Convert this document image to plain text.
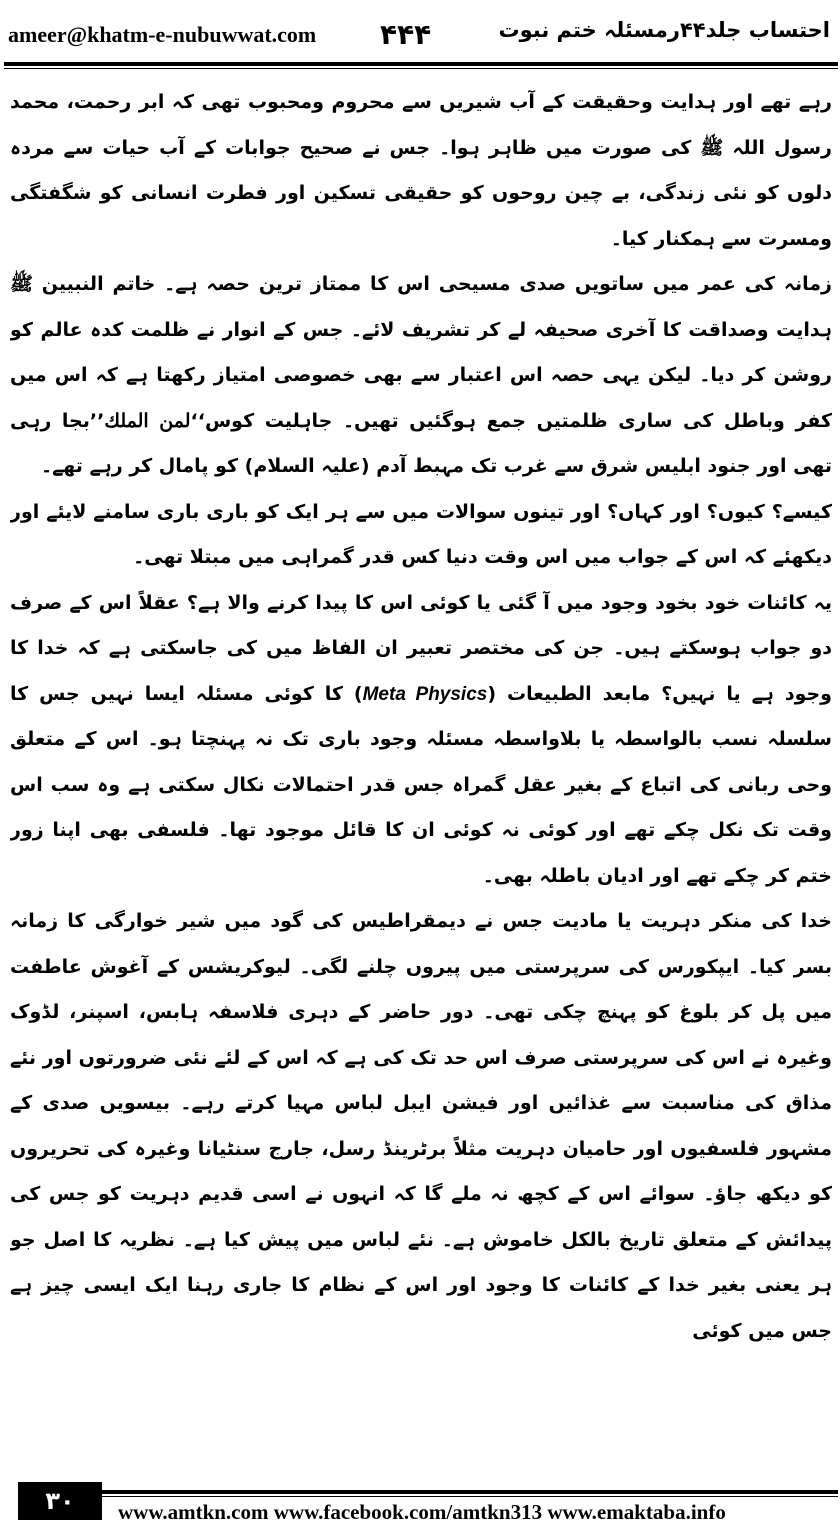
ameer@khatm-e-nubuwwat.com ۴۴۴	احتساب جلد۴۴رمسئلہ ختم نبوت

رہے تھے اور ہدایت وحقیقت کے آب شیریں سے محروم ومحبوب تھی کہ ابر رحمت، محمد رسول اللہ ﷺ کی صورت میں ظاہر ہوا۔ جس نے صحیح جوابات کے آب حیات سے مردہ دلوں کو نئی زندگی، بے چین روحوں کو حقیقی تسکین اور فطرت انسانی کو شگفتگی ومسرت سے ہمکنار کیا۔

زمانہ کی عمر میں ساتویں صدی مسیحی اس کا ممتاز ترین حصہ ہے۔ خاتم النبیین ﷺ ہدایت وصداقت کا آخری صحیفہ لے کر تشریف لائے۔ جس کے انوار نے ظلمت کدہ عالم کو روشن کر دیا۔ لیکن یہی حصہ اس اعتبار سے بھی خصوصی امتیاز رکھتا ہے کہ اس میں کفر وباطل کی ساری ظلمتیں جمع ہوگئیں تھیں۔ جاہلیت کوس‘‘لمن الملك’’بجا رہی تھی اور جنود ابلیس شرق سے غرب تک مہبط آدم (علیہ السلام) کو پامال کر رہے تھے۔

کیسے؟ کیوں؟ اور کہاں؟ اور تینوں سوالات میں سے ہر ایک کو باری باری سامنے لایئے اور دیکھئے کہ اس کے جواب میں اس وقت دنیا کس قدر گمراہی میں مبتلا تھی۔

یہ کائنات خود بخود وجود میں آ گئی یا کوئی اس کا پیدا کرنے والا ہے؟ عقلاً اس کے صرف دو جواب ہوسکتے ہیں۔ جن کی مختصر تعبیر ان الفاظ میں کی جاسکتی ہے کہ خدا کا وجود ہے یا نہیں؟ مابعد الطبیعات (Meta Physics) کا کوئی مسئلہ ایسا نہیں جس کا سلسلہ نسب بالواسطہ یا بلاواسطہ مسئلہ وجود باری تک نہ پہنچتا ہو۔ اس کے متعلق وحی ربانی کی اتباع کے بغیر عقل گمراہ جس قدر احتمالات نکال سکتی ہے وہ سب اس وقت تک نکل چکے تھے اور کوئی نہ کوئی ان کا قائل موجود تھا۔ فلسفی بھی اپنا زور ختم کر چکے تھے اور ادیان باطلہ بھی۔

خدا کی منکر دہریت یا مادیت جس نے دیمقراطیس کی گود میں شیر خوارگی کا زمانہ بسر کیا۔ ایپکورس کی سرپرستی میں پیروں چلنے لگی۔ لیوکریشس کے آغوش عاطفت میں پل کر بلوغ کو پہنچ چکی تھی۔ دور حاضر کے دہری فلاسفہ ہابس، اسپنر، لڈوک وغیرہ نے اس کی سرپرستی صرف اس حد تک کی ہے کہ اس کے لئے نئی ضرورتوں اور نئے مذاق کی مناسبت سے غذائیں اور فیشن ایبل لباس مہیا کرتے رہے۔ بیسویں صدی کے مشہور فلسفیوں اور حامیان دہریت مثلاً برٹرینڈ رسل، جارج سنٹیانا وغیرہ کی تحریروں کو دیکھ جاؤ۔ سوائے اس کے کچھ نہ ملے گا کہ انہوں نے اسی قدیم دہریت کو جس کی پیدائش کے متعلق تاریخ بالکل خاموش ہے۔ نئے لباس میں پیش کیا ہے۔ نظریہ کا اصل جو ہر یعنی بغیر خدا کے کائنات کا وجود اور اس کے نظام کا جاری رہنا ایک ایسی چیز ہے جس میں کوئی

۳۰	www.amtkn.com www.facebook.com/amtkn313 www.emaktaba.info
